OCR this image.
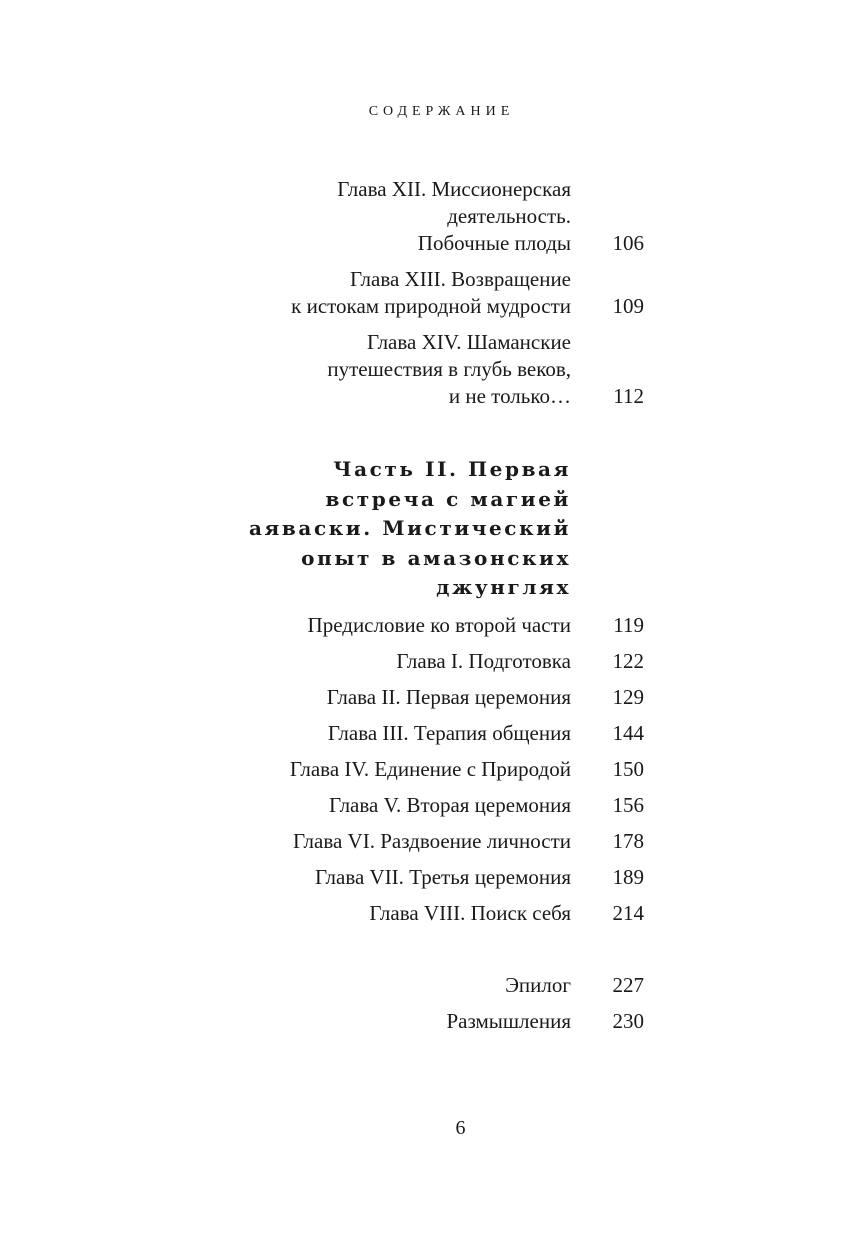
СОДЕРЖАНИЕ
Глава XII. Миссионерская
деятельность.
Побочные плоды	106
Глава XIII. Возвращение
к истокам природной мудрости	109
Глава XIV. Шаманские
путешествия в глубь веков,
и не только…	112
Часть II. Первая
встреча с магией
аяваски. Мистический
опыт в амазонских
джунглях
Предисловие ко второй части	119
Глава I. Подготовка	122
Глава II. Первая церемония	129
Глава III. Терапия общения	144
Глава IV. Единение с Природой	150
Глава V. Вторая церемония	156
Глава VI. Раздвоение личности	178
Глава VII. Третья церемония	189
Глава VIII. Поиск себя	214
Эпилог	227
Размышления	230
6
